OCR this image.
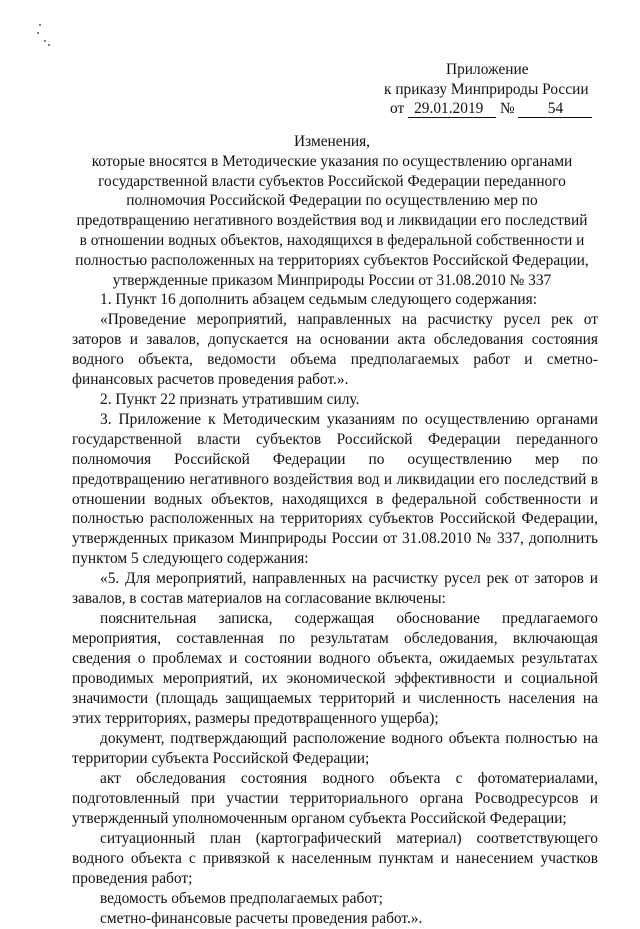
Приложение
к приказу Минприроды России
от 29.01.2019 № 54
Изменения,
которые вносятся в Методические указания по осуществлению органами государственной власти субъектов Российской Федерации переданного полномочия Российской Федерации по осуществлению мер по предотвращению негативного воздействия вод и ликвидации его последствий в отношении водных объектов, находящихся в федеральной собственности и полностью расположенных на территориях субъектов Российской Федерации, утвержденные приказом Минприроды России от 31.08.2010 № 337

1. Пункт 16 дополнить абзацем седьмым следующего содержания:

«Проведение мероприятий, направленных на расчистку русел рек от заторов и завалов, допускается на основании акта обследования состояния водного объекта, ведомости объема предполагаемых работ и сметно-финансовых расчетов проведения работ.».

2. Пункт 22 признать утратившим силу.

3. Приложение к Методическим указаниям по осуществлению органами государственной власти субъектов Российской Федерации переданного полномочия Российской Федерации по осуществлению мер по предотвращению негативного воздействия вод и ликвидации его последствий в отношении водных объектов, находящихся в федеральной собственности и полностью расположенных на территориях субъектов Российской Федерации, утвержденных приказом Минприроды России от 31.08.2010 № 337, дополнить пунктом 5 следующего содержания:

«5. Для мероприятий, направленных на расчистку русел рек от заторов и завалов, в состав материалов на согласование включены:

пояснительная записка, содержащая обоснование предлагаемого мероприятия, составленная по результатам обследования, включающая сведения о проблемах и состоянии водного объекта, ожидаемых результатах проводимых мероприятий, их экономической эффективности и социальной значимости (площадь защищаемых территорий и численность населения на этих территориях, размеры предотвращенного ущерба);

документ, подтверждающий расположение водного объекта полностью на территории субъекта Российской Федерации;

акт обследования состояния водного объекта с фотоматериалами, подготовленный при участии территориального органа Росводресурсов и утвержденный уполномоченным органом субъекта Российской Федерации;

ситуационный план (картографический материал) соответствующего водного объекта с привязкой к населенным пунктам и нанесением участков проведения работ;

ведомость объемов предполагаемых работ;

сметно-финансовые расчеты проведения работ.».
